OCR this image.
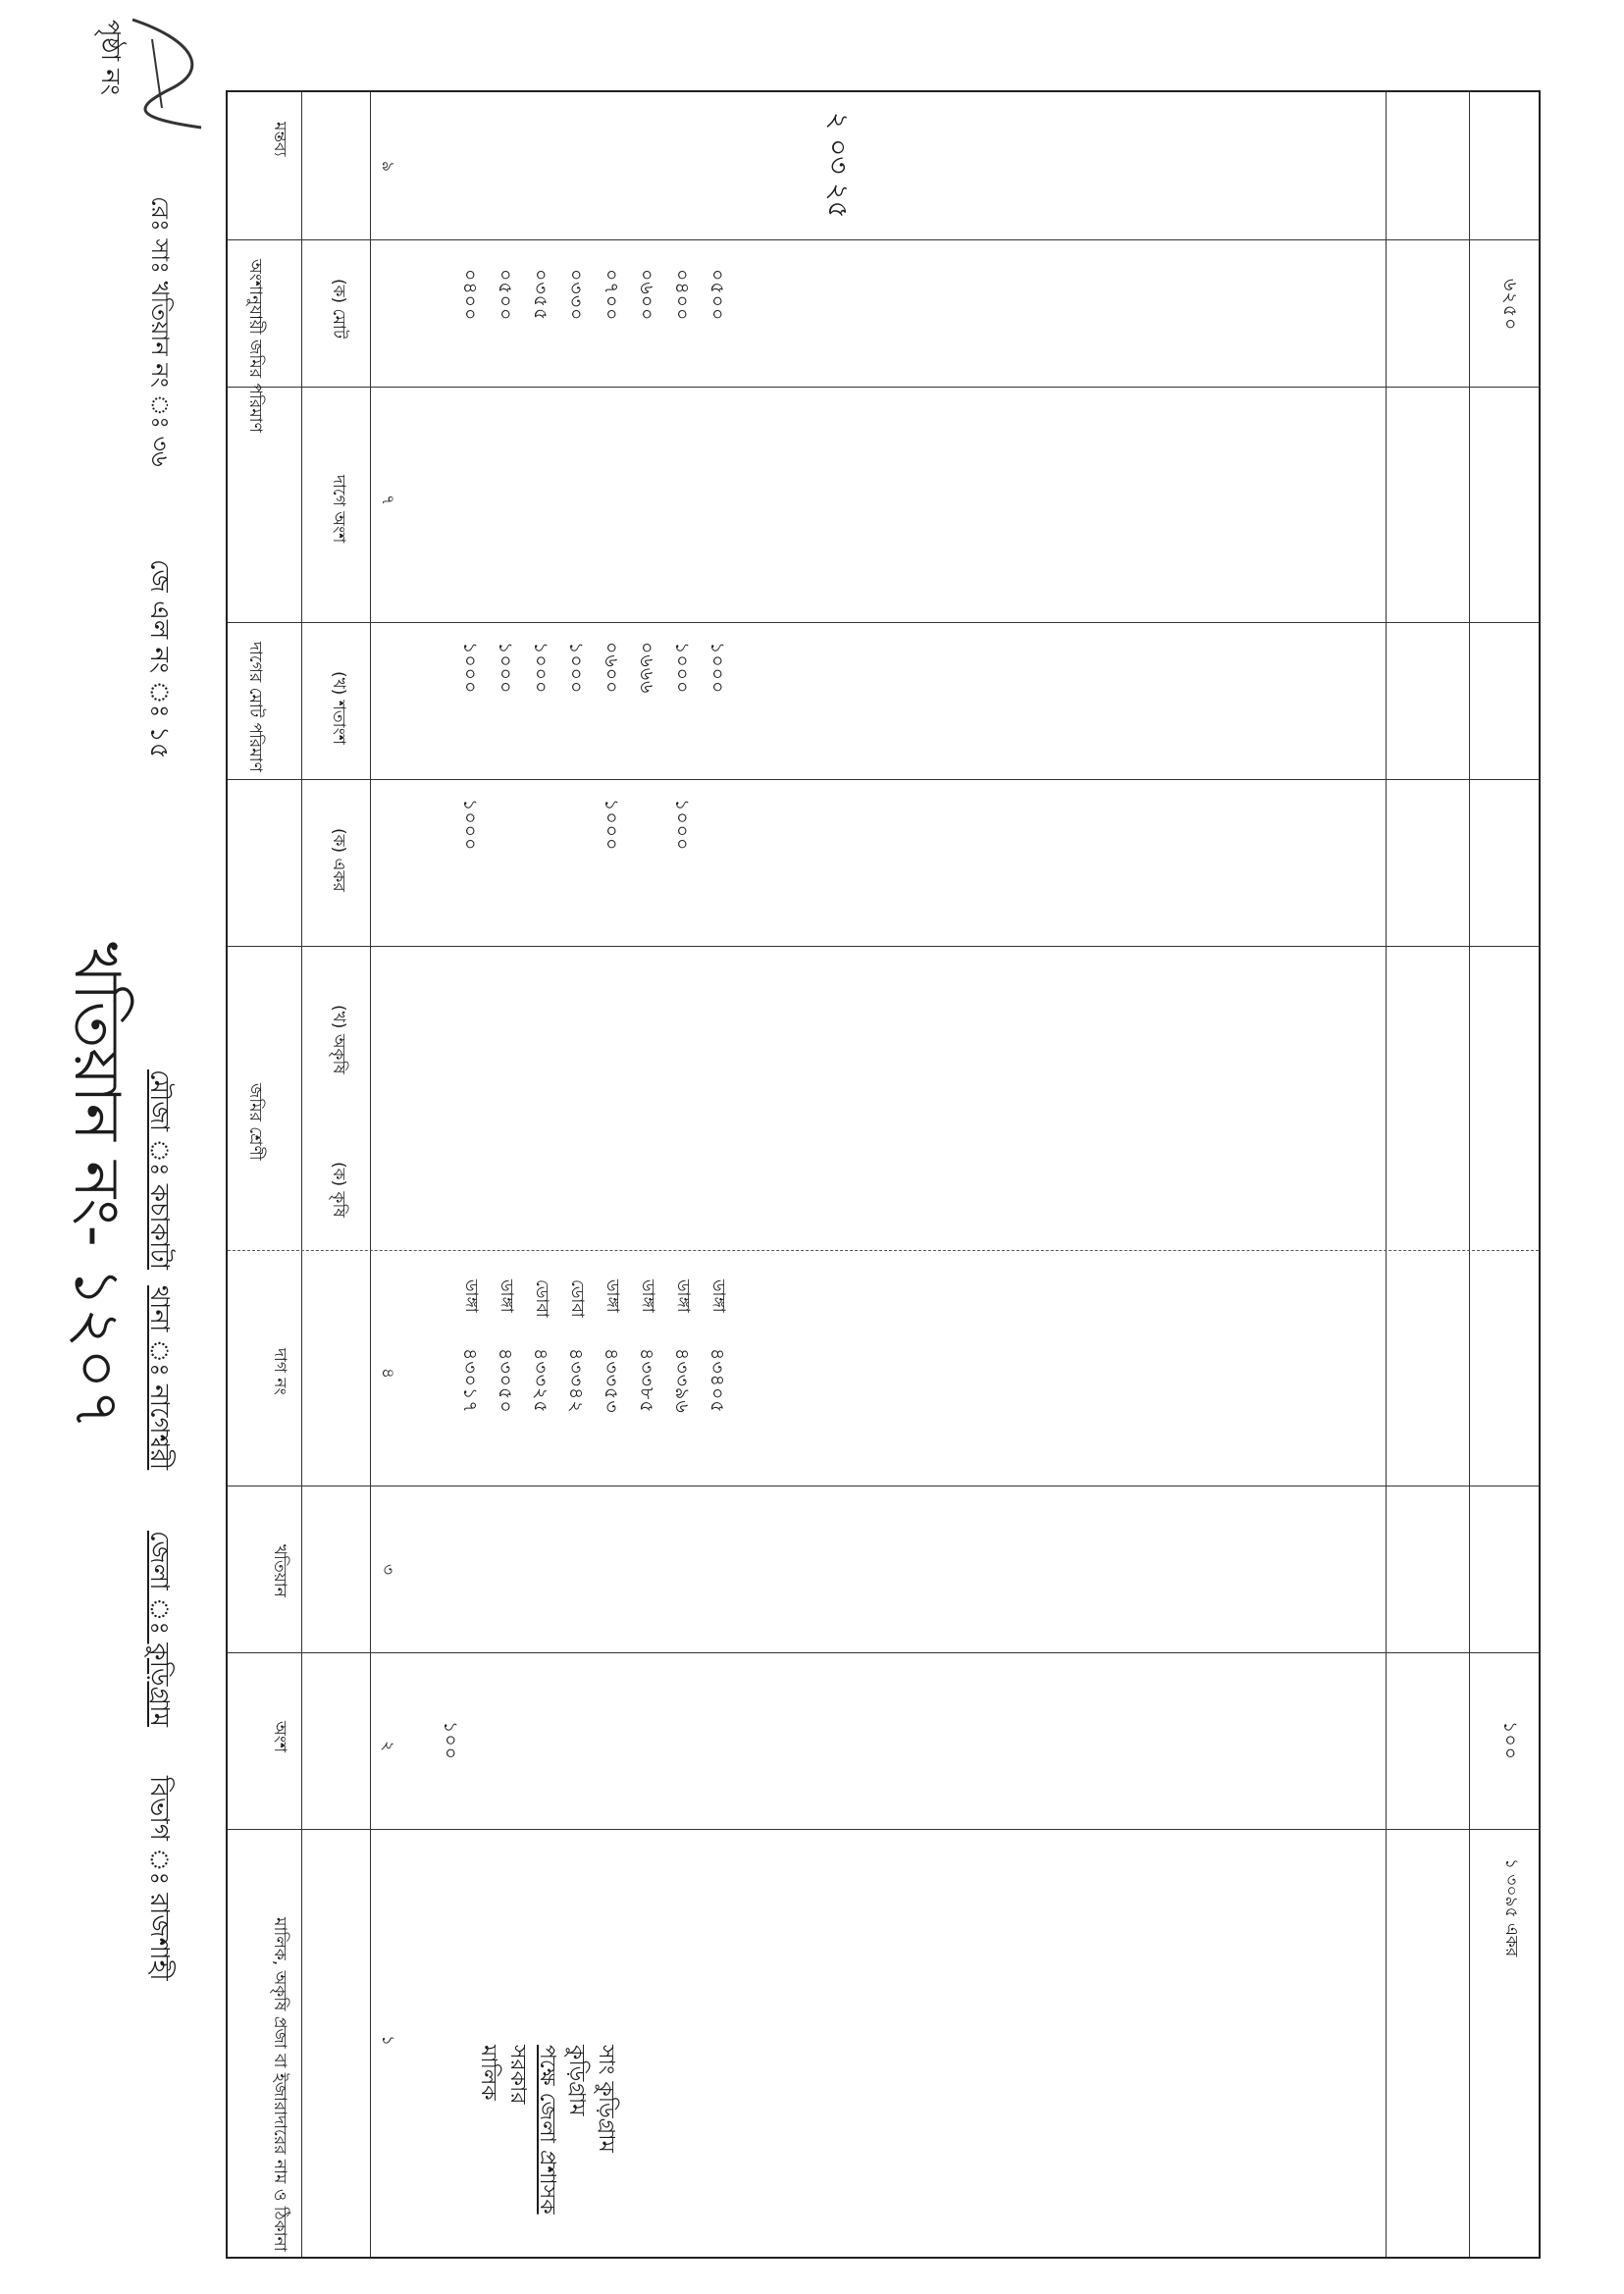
বিভাগ ঃ রাজশাহী
জেলা ঃ কুড়িগ্রাম
থানা ঃ নাগেশ্বরী
মৌজা ঃ কচাকাটা
জে এল নং ঃ ১৫
রেঃ সাঃ খতিয়ান নং ঃ ৩৬
পৃষ্ঠা নং
খতিয়ান নং- ১২০৭
মালিক, অকৃষি প্রজা বা ইজারাদারের নাম ও ঠিকানা
অংশ
খতিয়ান
দাগ নং
জমির শ্রেণী
(ক) কৃষি
(খ) অকৃষি
দাগের মোট পরিমাণ
(ক) একর
(খ) শতাংশ
দাগে অংশ
অংশানুযায়ী জমির পরিমাণ	(ক) মোট
মন্তব্য
১
২
৩
৪
৭
৯
মালিক সরকার পক্ষে জেলা প্রশাসক কুড়িগ্রাম সাং কুড়িগ্রাম
১০০
৪৩০১৭
ডাঙ্গা
১০০০
১০০০
০৪০০
৪৩০৫০
ডাঙ্গা
১০০০
০৫০০
৪৩৩২৫
ডোবা
১০০০
০৩৫৫
৪৩৩৪২
ডোবা
১০০০
০৩৩০
৪৩৩৫৩
ডাঙ্গা
১০০০
০৬০০
০৭০০
৪৩৩৮৫
ডাঙ্গা
০৬৬৬
০৬০০
৪৩৩৯৬
ডাঙ্গা
১০০০
১০০০
০৪০০
৪৩৪০৫
ডাঙ্গা
১০০০
০৫০০
১০০
১ ৩০৯৫ একর
৬২৫০
২ ০৩ ২৫
